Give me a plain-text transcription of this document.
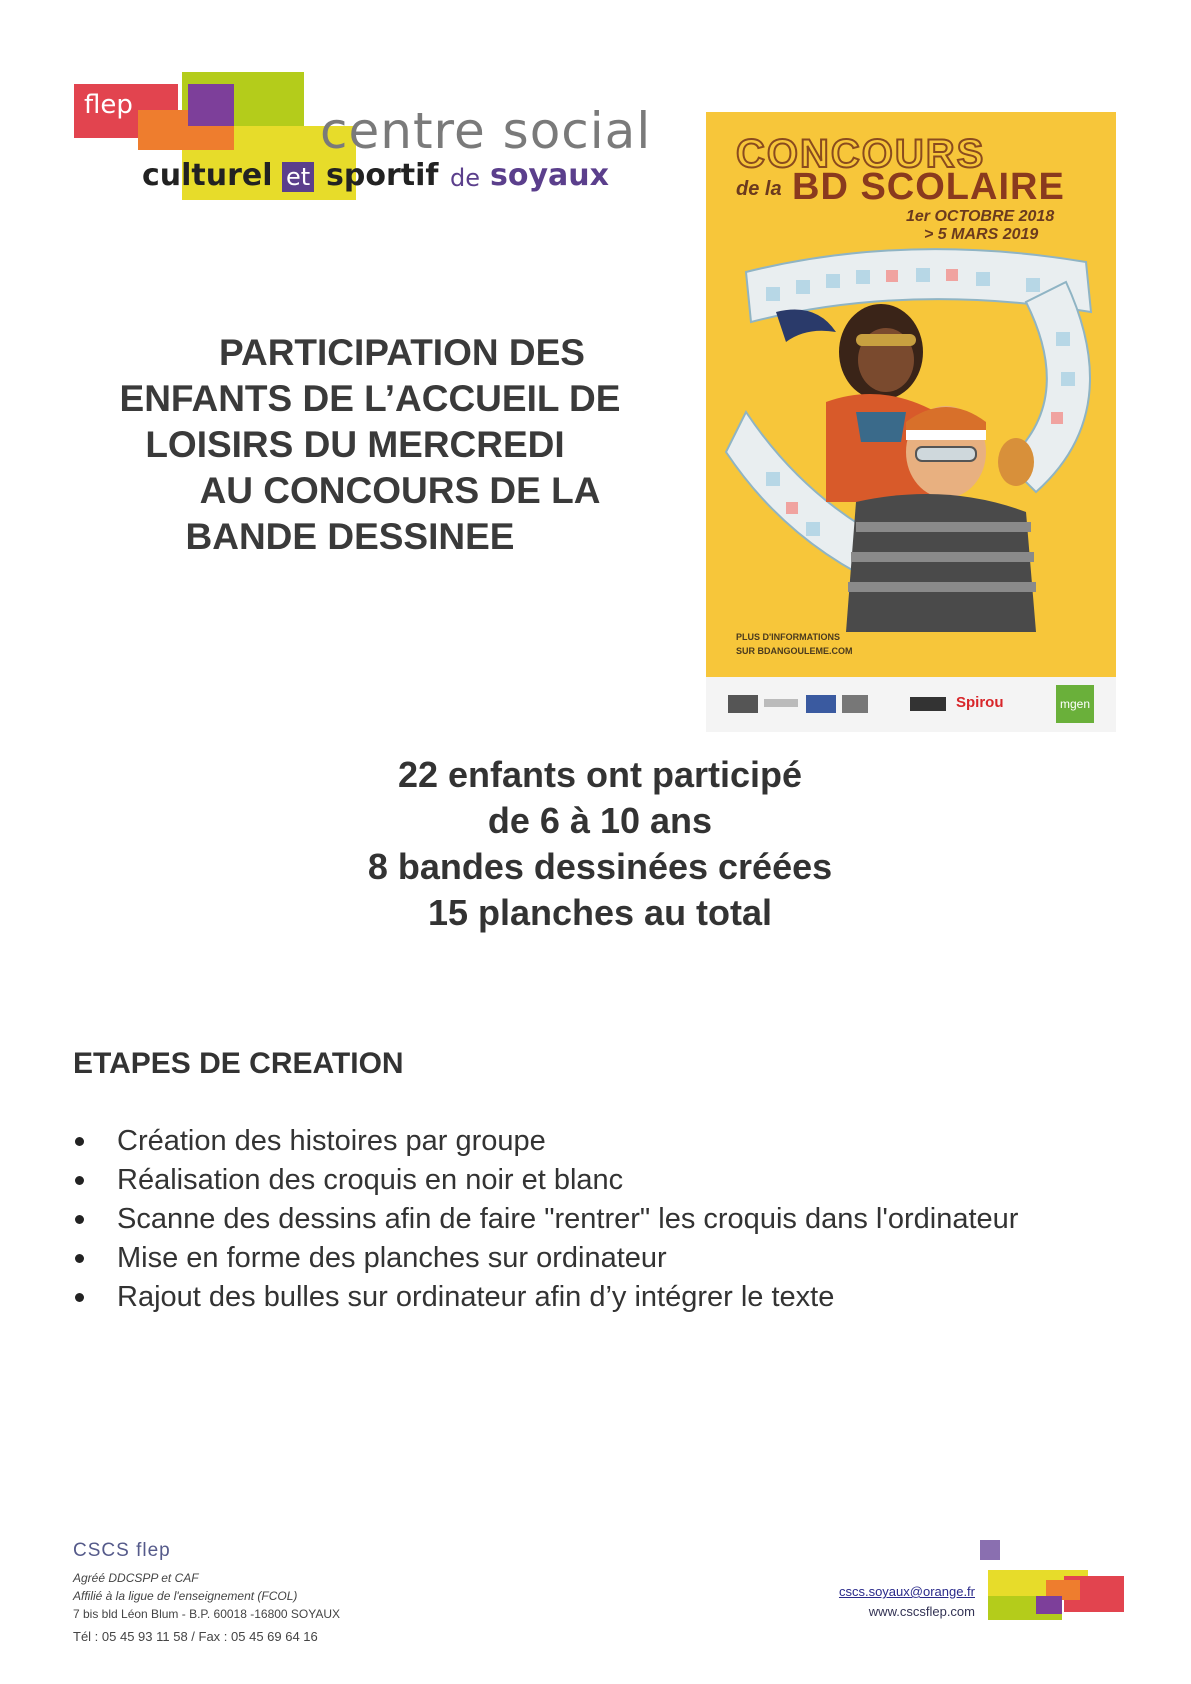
flep	centre social
culturel et sportif de soyaux	CONCOURS
de la BD SCOLAIRE
1er OCTOBRE 2018
> 5 MARS 2019
PLUS D'INFORMATIONS
SUR BDANGOULEME.COM
Spirou	mgen
PARTICIPATION DES
ENFANTS DE L’ACCUEIL DE
LOISIRS DU MERCREDI
AU CONCOURS DE LA
BANDE DESSINEE
22 enfants ont participé
de 6 à 10 ans
8 bandes dessinées créées
15 planches au total
ETAPES DE CREATION
Création des histoires par groupe
Réalisation des croquis en noir et blanc
Scanne des dessins afin de faire "rentrer" les croquis dans l'ordinateur
Mise en forme des planches sur ordinateur
Rajout des bulles sur ordinateur afin d’y intégrer le texte
CSCS flep
Agréé DDCSPP et CAF
Affilié à la ligue de l'enseignement (FCOL)
7 bis bld Léon Blum - B.P. 60018 -16800 SOYAUX
Tél : 05 45 93 11 58 / Fax : 05 45 69 64 16
cscs.soyaux@orange.fr
www.cscsflep.com
